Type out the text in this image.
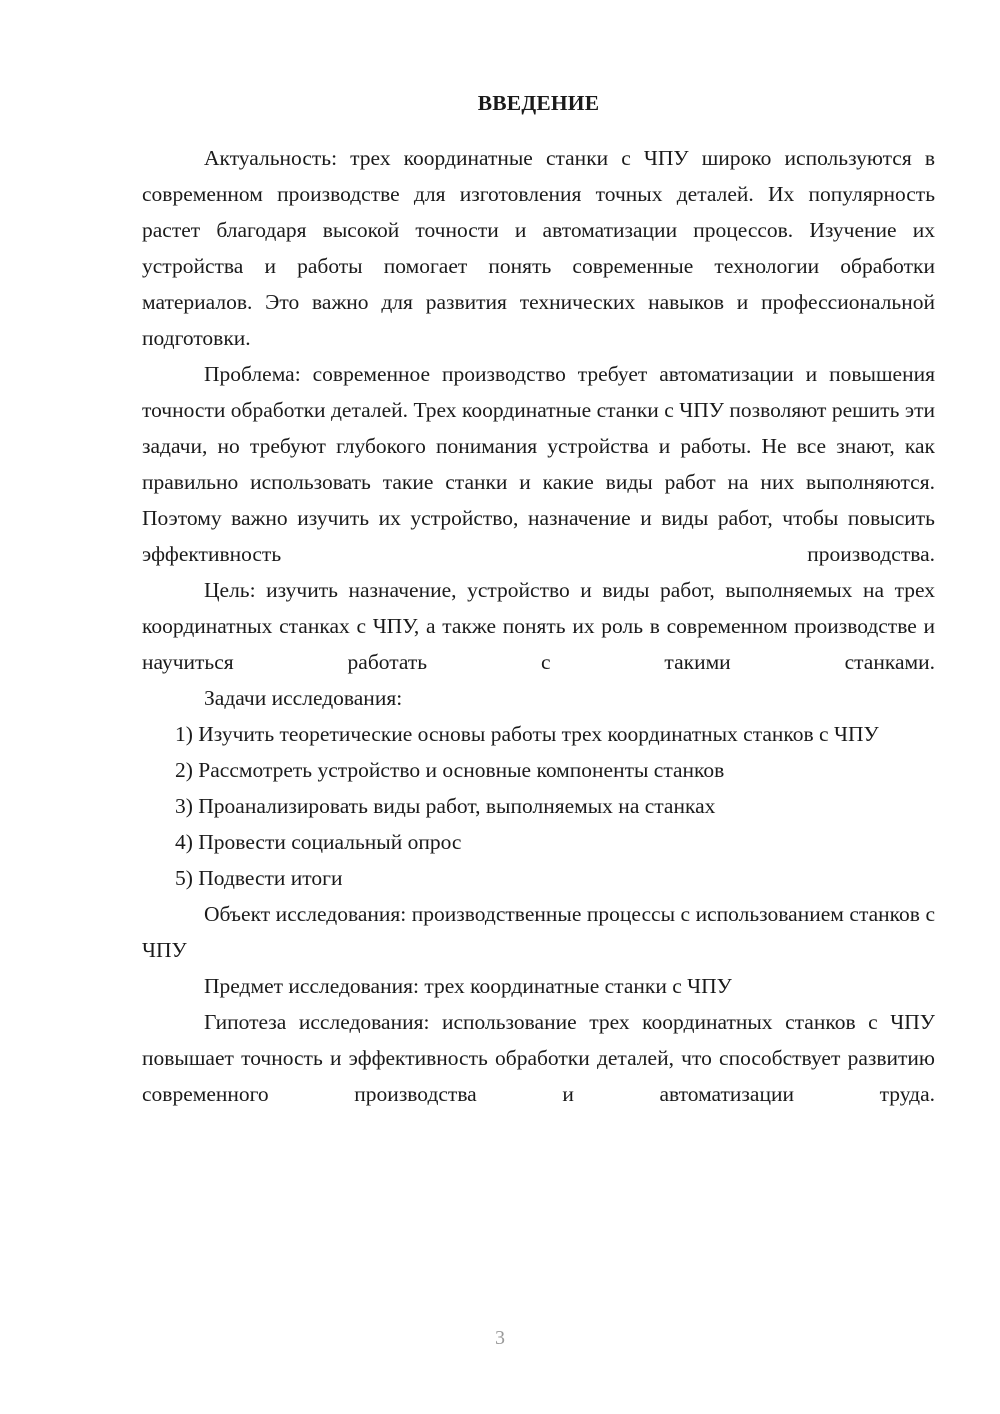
ВВЕДЕНИЕ

Актуальность: трех координатные станки с ЧПУ широко используются в современном производстве для изготовления точных деталей. Их популярность растет благодаря высокой точности и автоматизации процессов. Изучение их устройства и работы помогает понять современные технологии обработки материалов. Это важно для развития технических навыков и профессиональной подготовки.

Проблема: современное производство требует автоматизации и повышения точности обработки деталей. Трех координатные станки с ЧПУ позволяют решить эти задачи, но требуют глубокого понимания устройства и работы. Не все знают, как правильно использовать такие станки и какие виды работ на них выполняются. Поэтому важно изучить их устройство, назначение и виды работ, чтобы повысить эффективность производства.

Цель: изучить назначение, устройство и виды работ, выполняемых на трех координатных станках с ЧПУ, а также понять их роль в современном производстве и научиться работать с такими станками.

Задачи исследования:

1) Изучить теоретические основы работы трех координатных станков с ЧПУ

2) Рассмотреть устройство и основные компоненты станков

3) Проанализировать виды работ, выполняемых на станках

4) Провести социальный опрос

5) Подвести итоги

Объект исследования: производственные процессы с использованием станков с ЧПУ

Предмет исследования: трех координатные станки с ЧПУ

Гипотеза исследования: использование трех координатных станков с ЧПУ повышает точность и эффективность обработки деталей, что способствует развитию современного производства и автоматизации труда.

3
